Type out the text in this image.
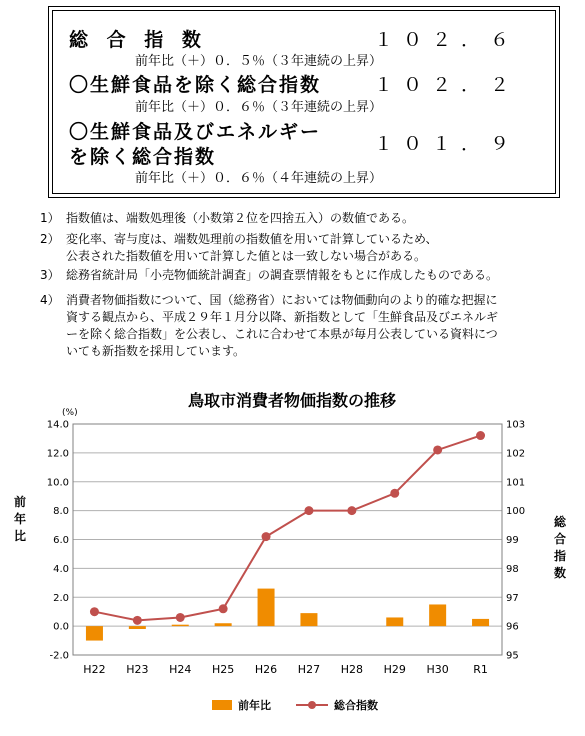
総 合 指 数	１０２．６
前年比（＋）０．５％（３年連続の上昇）
〇生鮮食品を除く総合指数	１０２．２
前年比（＋）０．６％（３年連続の上昇）
〇生鮮食品及びエネルギー
を除く総合指数
１０１．９
前年比（＋）０．６％（４年連続の上昇）
1） 指数値は、端数処理後（小数第２位を四捨五入）の数値である。
2） 変化率、寄与度は、端数処理前の指数値を用いて計算しているため、
公表された指数値を用いて計算した値とは一致しない場合がある。
3） 総務省統計局「小売物価統計調査」の調査票情報をもとに作成したものである。
4） 消費者物価指数について、国（総務省）においては物価動向のより的確な把握に
資する観点から、平成２９年１月分以降、新指数として「生鮮食品及びエネルギ
ーを除く総合指数」を公表し、これに合わせて本県が毎月公表している資料につ
いても新指数を採用しています。
鳥取市消費者物価指数の推移
-2.0
0.0
2.0
4.0
6.0
8.0
10.0
12.0
14.0
95
96
97
98
99
100
101
102
103
H22 H23 H24 H25 H26 H27 H28 H29 H30 R1
(%)
前
年
比
総
合
指
数
前年比	総合指数
